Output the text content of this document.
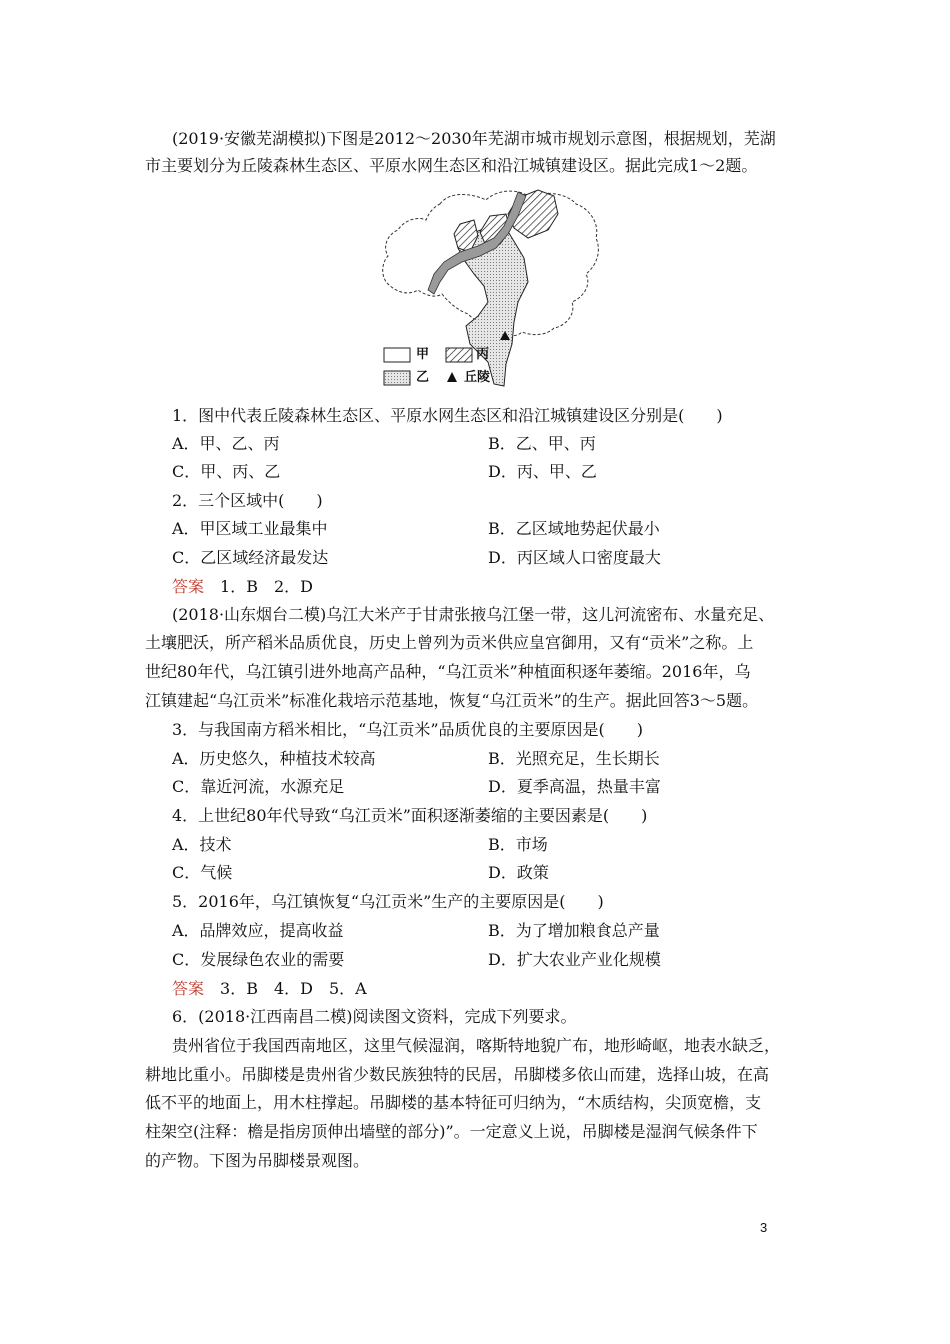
(2019·安徽芜湖模拟)下图是2012～2030年芜湖市城市规划示意图，根据规划，芜湖
市主要划分为丘陵森林生态区、平原水网生态区和沿江城镇建设区。据此完成1～2题。
甲	丙
乙	丘陵
1．图中代表丘陵森林生态区、平原水网生态区和沿江城镇建设区分别是(　　)
A．甲、乙、丙	B．乙、甲、丙
C．甲、丙、乙	D．丙、甲、乙
2．三个区域中(　　)
A．甲区域工业最集中	B．乙区域地势起伏最小
C．乙区域经济最发达	D．丙区域人口密度最大
答案　1．B　2．D
(2018·山东烟台二模)乌江大米产于甘肃张掖乌江堡一带，这儿河流密布、水量充足、
土壤肥沃，所产稻米品质优良，历史上曾列为贡米供应皇宫御用，又有“贡米”之称。上
世纪80年代，乌江镇引进外地高产品种，“乌江贡米”种植面积逐年萎缩。2016年，乌
江镇建起“乌江贡米”标准化栽培示范基地，恢复“乌江贡米”的生产。据此回答3～5题。
3．与我国南方稻米相比，“乌江贡米”品质优良的主要原因是(　　)
A．历史悠久，种植技术较高	B．光照充足，生长期长
C．靠近河流，水源充足	D．夏季高温，热量丰富
4．上世纪80年代导致“乌江贡米”面积逐渐萎缩的主要因素是(　　)
A．技术	B．市场
C．气候	D．政策
5．2016年，乌江镇恢复“乌江贡米”生产的主要原因是(　　)
A．品牌效应，提高收益	B．为了增加粮食总产量
C．发展绿色农业的需要	D．扩大农业产业化规模
答案　3．B　4．D　5．A
6．(2018·江西南昌二模)阅读图文资料，完成下列要求。
贵州省位于我国西南地区，这里气候湿润，喀斯特地貌广布，地形崎岖，地表水缺乏，
耕地比重小。吊脚楼是贵州省少数民族独特的民居，吊脚楼多依山而建，选择山坡，在高
低不平的地面上，用木柱撑起。吊脚楼的基本特征可归纳为，“木质结构，尖顶宽檐，支
柱架空(注释：檐是指房顶伸出墙壁的部分)”。一定意义上说，吊脚楼是湿润气候条件下
的产物。下图为吊脚楼景观图。
3
